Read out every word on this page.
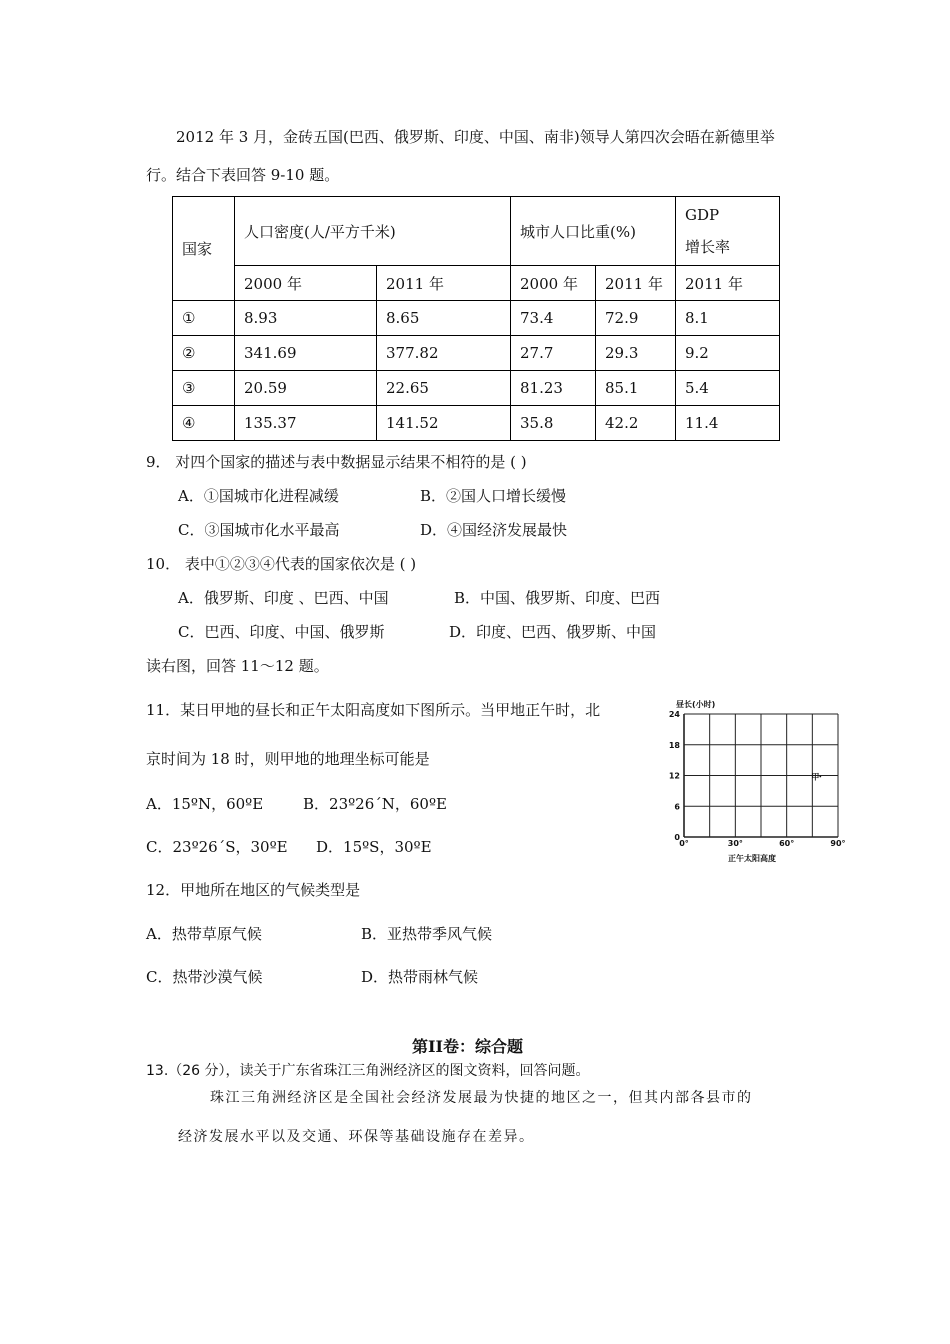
2012 年 3 月，金砖五国(巴西、俄罗斯、印度、中国、南非)领导人第四次会晤在新德里举
行。结合下表回答 9-10 题。
国家	人口密度(人/平方千米)		城市人口比重(%)		GDP
增长率
	2000 年	2011 年	2000 年	2011 年	2011 年
①	8.93	8.65	73.4	72.9	8.1
②	341.69	377.82	27.7	29.3	9.2
③	20.59	22.65	81.23	85.1	5.4
④	135.37	141.52	35.8	42.2	11.4
9． 对四个国家的描述与表中数据显示结果不相符的是 ( )
A．①国城市化进程减缓	B．②国人口增长缓慢
C．③国城市化水平最高	D．④国经济发展最快
10． 表中①②③④代表的国家依次是 ( )
A．俄罗斯、印度 、巴西、中国	B．中国、俄罗斯、印度、巴西
C．巴西、印度、中国、俄罗斯	D．印度、巴西、俄罗斯、中国
读右图，回答 11～12 题。
11．某日甲地的昼长和正午太阳高度如下图所示。当甲地正午时，北
京时间为 18 时，则甲地的地理坐标可能是
A．15ºN，60ºE	B．23º26´N，60ºE
C．23º26´S，30ºE D．15ºS，30ºE
12．甲地所在地区的气候类型是
A．热带草原气候	B．亚热带季风气候
C．热带沙漠气候	D．热带雨林气候
昼长(小时)
24
18
12
6
0
0°	30°	60°	90°
甲
正午太阳高度
第II卷：综合题
13.（26 分），读关于广东省珠江三角洲经济区的图文资料，回答问题。
珠江三角洲经济区是全国社会经济发展最为快捷的地区之一，但其内部各县市的
经济发展水平以及交通、环保等基础设施存在差异。
